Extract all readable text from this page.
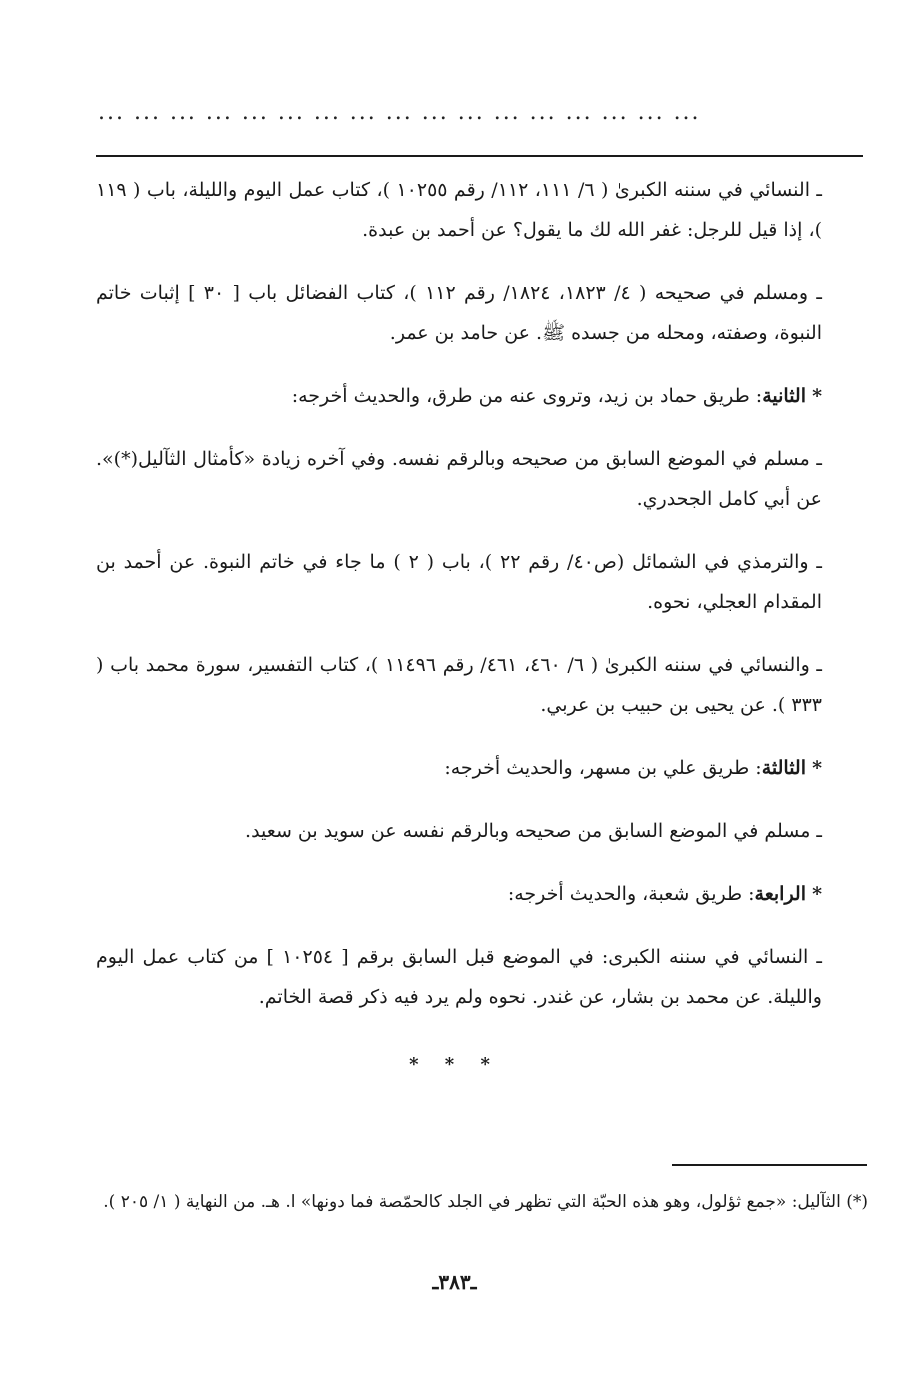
... ... ... ... ... ... ... ... ... ... ... ... ... ... ... ... ...

ـ النسائي في سننه الكبرىٰ ( ٦/ ١١١، ١١٢/ رقم ١٠٢٥٥ )، كتاب عمل اليوم والليلة، باب ( ١١٩ )، إذا قيل للرجل: غفر الله لك ما يقول؟ عن أحمد بن عبدة.

ـ ومسلم في صحيحه ( ٤/ ١٨٢٣، ١٨٢٤/ رقم ١١٢ )، كتاب الفضائل باب [ ٣٠ ] إثبات خاتم النبوة، وصفته، ومحله من جسده ﷺ. عن حامد بن عمر.

* الثانية: طريق حماد بن زيد، وتروى عنه من طرق، والحديث أخرجه:

ـ مسلم في الموضع السابق من صحيحه وبالرقم نفسه. وفي آخره زيادة «كأمثال الثآليل(*)». عن أبي كامل الجحدري.

ـ والترمذي في الشمائل (ص٤٠/ رقم ٢٢ )، باب ( ٢ ) ما جاء في خاتم النبوة. عن أحمد بن المقدام العجلي، نحوه.

ـ والنسائي في سننه الكبرىٰ ( ٦/ ٤٦٠، ٤٦١/ رقم ١١٤٩٦ )، كتاب التفسير، سورة محمد باب ( ٣٣٣ ). عن يحيى بن حبيب بن عربي.

* الثالثة: طريق علي بن مسهر، والحديث أخرجه:

ـ مسلم في الموضع السابق من صحيحه وبالرقم نفسه عن سويد بن سعيد.

* الرابعة: طريق شعبة، والحديث أخرجه:

ـ النسائي في سننه الكبرى: في الموضع قبل السابق برقم [ ١٠٢٥٤ ] من كتاب عمل اليوم والليلة. عن محمد بن بشار، عن غندر. نحوه ولم يرد فيه ذكر قصة الخاتم.

* * *
(*) الثآليل: «جمع ثؤلول، وهو هذه الحبّة التي تظهر في الجلد كالحمّصة فما دونها» ا. هـ. من النهاية ( ١/ ٢٠٥ ).
ـ٣٨٣ـ
